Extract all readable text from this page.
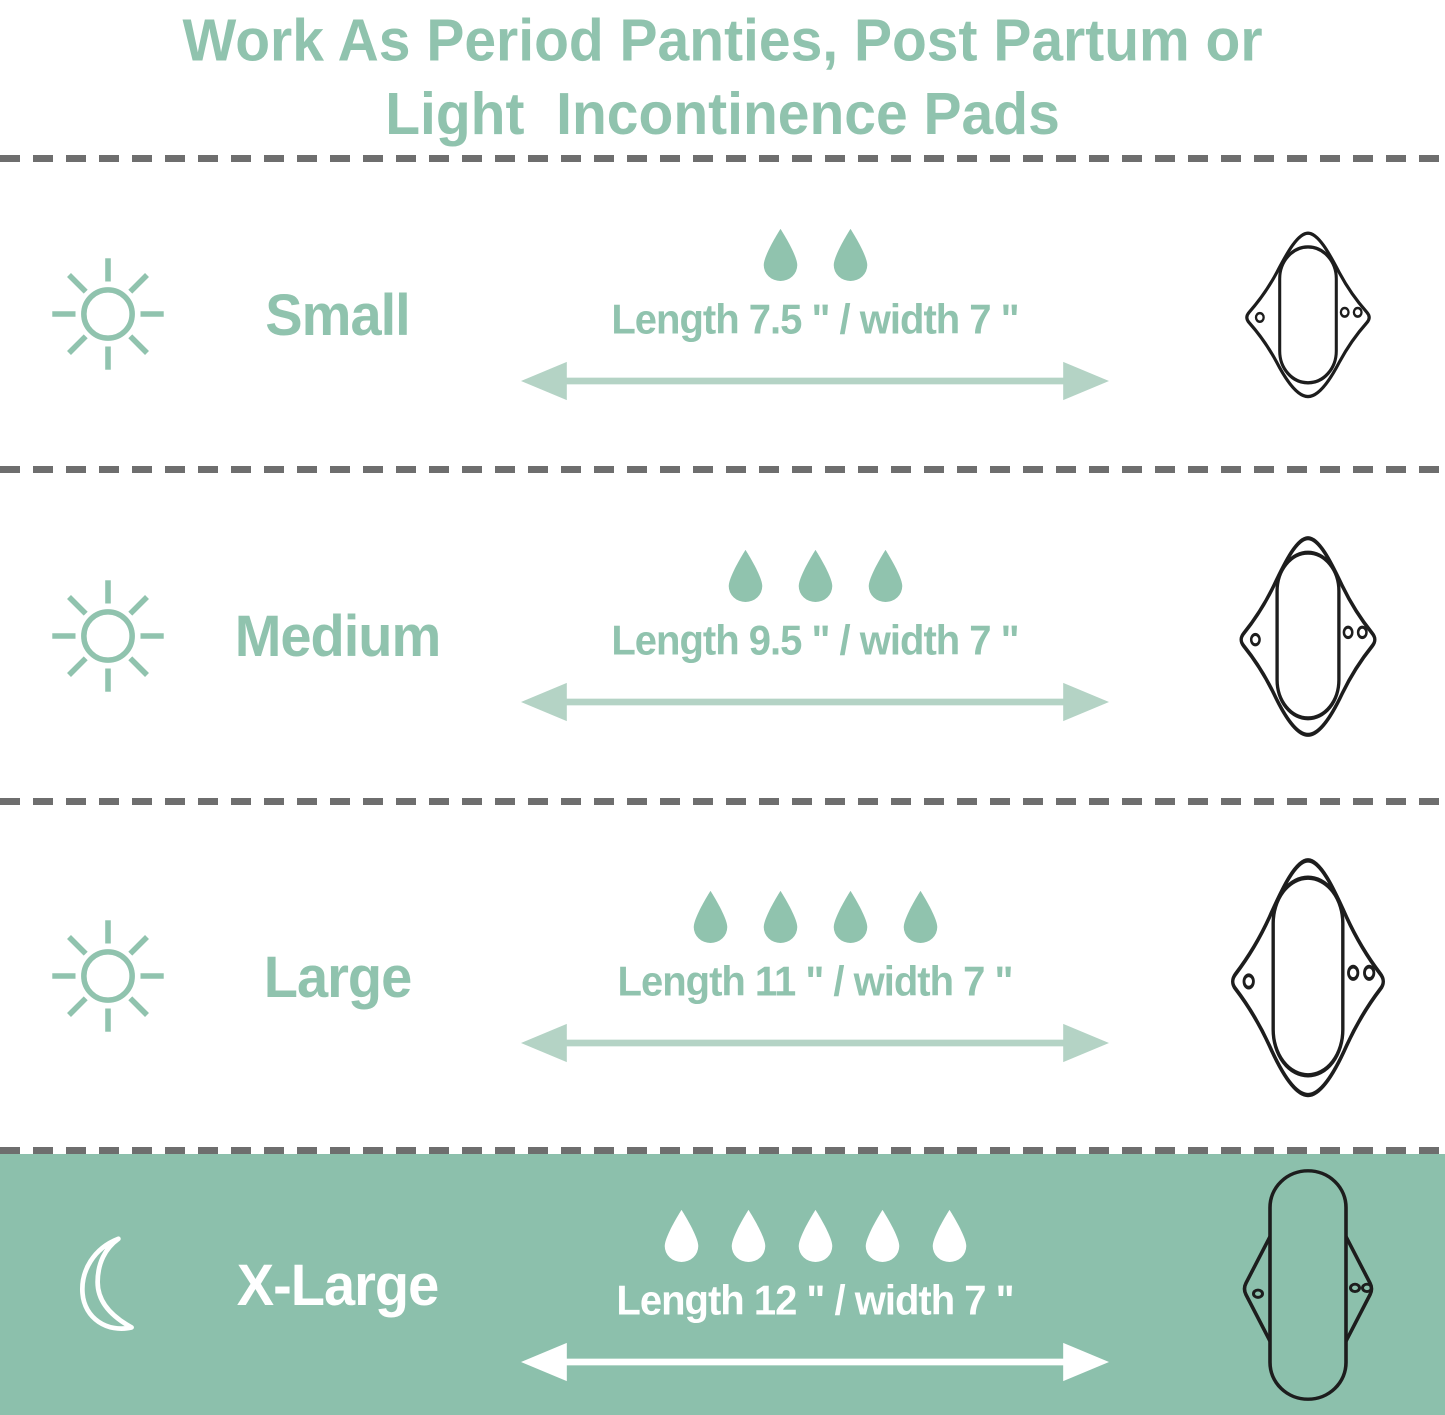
Work As Period Panties, Post Partum or
Light  Incontinence Pads
Small	Length 7.5 " / width 7 "
Medium	Length 9.5 " / width 7 "
Large	Length 11 " / width 7 "
X-Large	Length 12 " / width 7 "
